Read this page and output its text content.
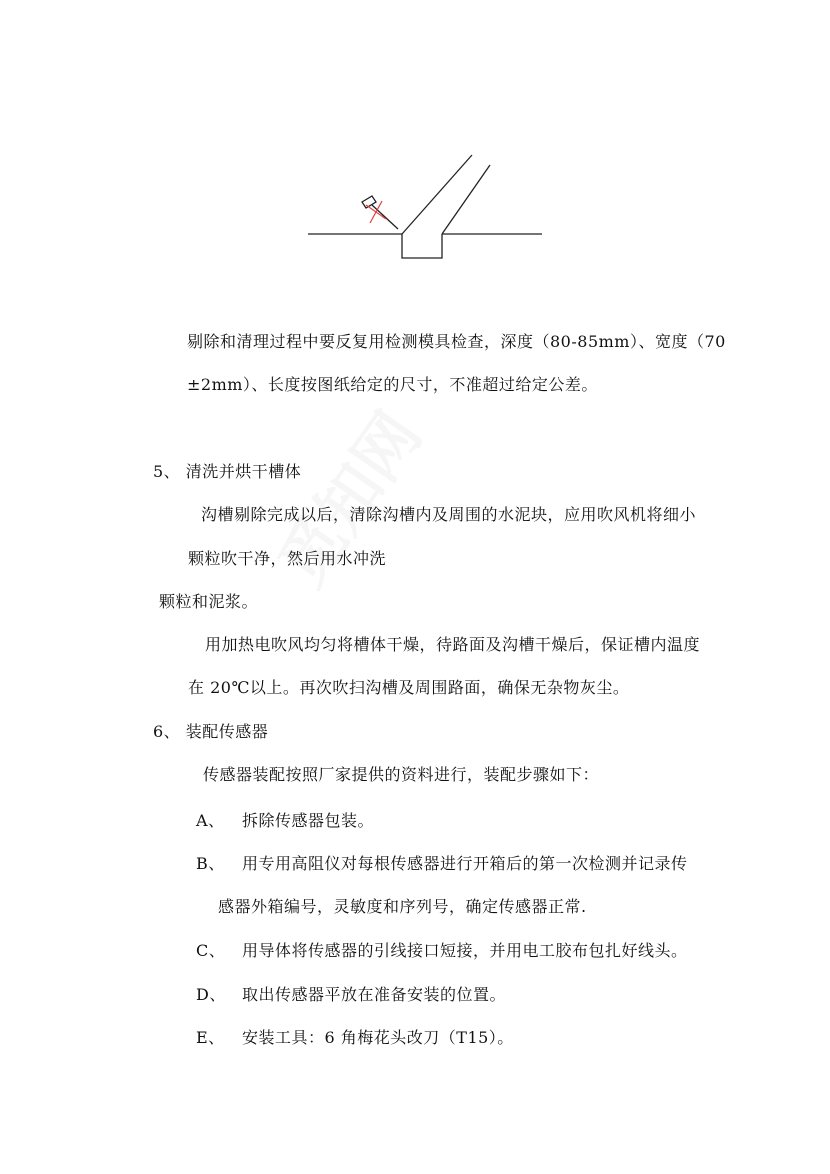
剔除和清理过程中要反复用检测模具检查，深度（80-85mm）、宽度（70
±2mm）、长度按图纸给定的尺寸，不准超过给定公差。
5、 清洗并烘干槽体
沟槽剔除完成以后，清除沟槽内及周围的水泥块，应用吹风机将细小
颗粒吹干净，然后用水冲洗
颗粒和泥浆。
用加热电吹风均匀将槽体干燥，待路面及沟槽干燥后，保证槽内温度
在 20℃以上。再次吹扫沟槽及周围路面，确保无杂物灰尘。
6、 装配传感器
传感器装配按照厂家提供的资料进行，装配步骤如下：
A、 拆除传感器包装。
B、 用专用高阻仪对每根传感器进行开箱后的第一次检测并记录传
感器外箱编号，灵敏度和序列号，确定传感器正常.
C、 用导体将传感器的引线接口短接，并用电工胶布包扎好线头。
D、 取出传感器平放在准备安装的位置。
E、 安装工具：6 角梅花头改刀（T15）。
